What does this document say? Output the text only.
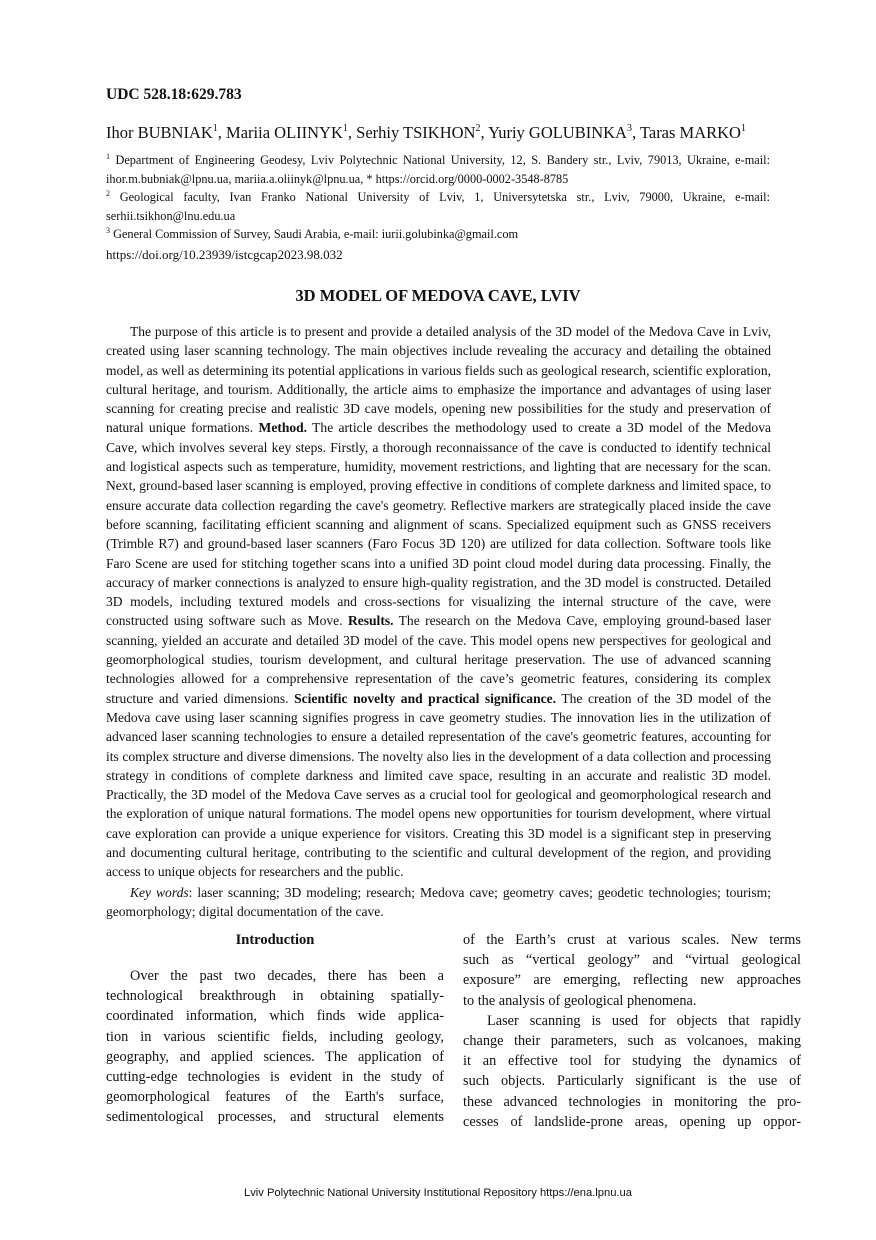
UDC 528.18:629.783
Ihor BUBNIAK$^1$, Mariia OLIINYK$^1$, Serhiy TSIKHON$^2$, Yuriy GOLUBINKA$^3$, Taras MARKO$^1$
$^1$ Department of Engineering Geodesy, Lviv Polytechnic National University, 12, S. Bandery str., Lviv, 79013, Ukraine, e-mail: ihor.m.bubniak@lpnu.ua, mariia.a.oliinyk@lpnu.ua, * https://orcid.org/0000-0002-3548-8785
$^2$ Geological faculty, Ivan Franko National University of Lviv, 1, Universytetska str., Lviv, 79000, Ukraine, e-mail: serhii.tsikhon@lnu.edu.ua
$^3$ General Commission of Survey, Saudi Arabia, e-mail: iurii.golubinka@gmail.com
https://doi.org/10.23939/istcgcap2023.98.032
3D MODEL OF MEDOVA CAVE, LVIV

The purpose of this article is to present and provide a detailed analysis of the 3D model of the Medova Cave in Lviv, created using laser scanning technology. The main objectives include revealing the accuracy and detailing the obtained model, as well as determining its potential applications in various fields such as geological research, scientific exploration, cultural heritage, and tourism. Additionally, the article aims to emphasize the importance and advantages of using laser scanning for creating precise and realistic 3D cave models, opening new possibilities for the study and preservation of natural unique formations. Method. The article describes the methodology used to create a 3D model of the Medova Cave, which involves several key steps. Firstly, a thorough reconnaissance of the cave is conducted to identify technical and logistical aspects such as temperature, humidity, movement restrictions, and lighting that are necessary for the scan. Next, ground-based laser scanning is employed, proving effective in conditions of complete darkness and limited space, to ensure accurate data collection regarding the cave's geometry. Reflective markers are strategically placed inside the cave before scanning, facilitating efficient scanning and alignment of scans. Specialized equipment such as GNSS receivers (Trimble R7) and ground-based laser scanners (Faro Focus 3D 120) are utilized for data collection. Software tools like Faro Scene are used for stitching together scans into a unified 3D point cloud model during data processing. Finally, the accuracy of marker connections is analyzed to ensure high-quality registration, and the 3D model is constructed. Detailed 3D models, including textured models and cross-sections for visualizing the internal structure of the cave, were constructed using software such as Move. Results. The research on the Medova Cave, employing ground-based laser scanning, yielded an accurate and detailed 3D model of the cave. This model opens new perspectives for geological and geomorphological studies, tourism development, and cultural heritage preservation. The use of advanced scanning technologies allowed for a comprehensive representation of the cave’s geometric features, considering its complex structure and varied dimensions. Scientific novelty and practical significance. The creation of the 3D model of the Medova cave using laser scanning signifies progress in cave geometry studies. The innovation lies in the utilization of advanced laser scanning technologies to ensure a detailed representation of the cave's geometric features, accounting for its complex structure and diverse dimensions. The novelty also lies in the development of a data collection and processing strategy in conditions of complete darkness and limited cave space, resulting in an accurate and realistic 3D model. Practically, the 3D model of the Medova Cave serves as a crucial tool for geological and geomorphological research and the exploration of unique natural formations. The model opens new opportunities for tourism development, where virtual cave exploration can provide a unique experience for visitors. Creating this 3D model is a significant step in preserving and documenting cultural heritage, contributing to the scientific and cultural development of the region, and providing access to unique objects for researchers and the public.

Key words: laser scanning; 3D modeling; research; Medova cave; geometry caves; geodetic technologies; tourism; geomorphology; digital documentation of the cave.

Introduction
Over the past two decades, there has been a
technological breakthrough in obtaining spatially-
coordinated information, which finds wide applica-
tion in various scientific fields, including geology,
geography, and applied sciences. The application of
cutting-edge technologies is evident in the study of
geomorphological features of the Earth's surface,
sedimentological processes, and structural elements
of the Earth’s crust at various scales. New terms
such as “vertical geology” and “virtual geological
exposure” are emerging, reflecting new approaches
to the analysis of geological phenomena.
Laser scanning is used for objects that rapidly
change their parameters, such as volcanoes, making
it an effective tool for studying the dynamics of
such objects. Particularly significant is the use of
these advanced technologies in monitoring the pro-
cesses of landslide-prone areas, opening up oppor-
Lviv Polytechnic National University Institutional Repository https://ena.lpnu.ua
